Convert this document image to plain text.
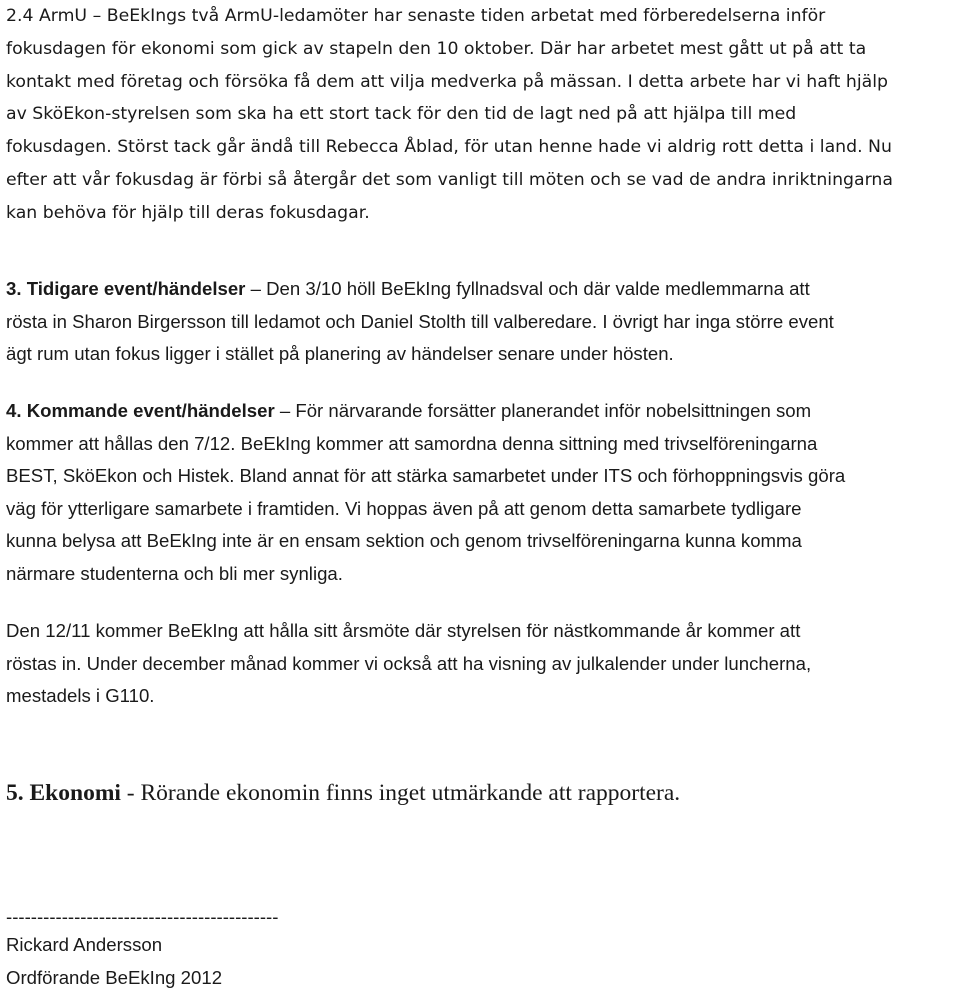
2.4 ArmU – BeEkIngs två ArmU-ledamöter har senaste tiden arbetat med förberedelserna inför
fokusdagen för ekonomi som gick av stapeln den 10 oktober. Där har arbetet mest gått ut på att ta
kontakt med företag och försöka få dem att vilja medverka på mässan. I detta arbete har vi haft hjälp
av SköEkon-styrelsen som ska ha ett stort tack för den tid de lagt ned på att hjälpa till med
fokusdagen. Störst tack går ändå till Rebecca Åblad, för utan henne hade vi aldrig rott detta i land. Nu
efter att vår fokusdag är förbi så återgår det som vanligt till möten och se vad de andra inriktningarna
kan behöva för hjälp till deras fokusdagar.
3. Tidigare event/händelser – Den 3/10 höll BeEkIng fyllnadsval och där valde medlemmarna att
rösta in Sharon Birgersson till ledamot och Daniel Stolth till valberedare. I övrigt har inga större event
ägt rum utan fokus ligger i stället på planering av händelser senare under hösten.
4. Kommande event/händelser – För närvarande forsätter planerandet inför nobelsittningen som
kommer att hållas den 7/12. BeEkIng kommer att samordna denna sittning med trivselföreningarna
BEST, SköEkon och Histek. Bland annat för att stärka samarbetet under ITS och förhoppningsvis göra
väg för ytterligare samarbete i framtiden. Vi hoppas även på att genom detta samarbete tydligare
kunna belysa att BeEkIng inte är en ensam sektion och genom trivselföreningarna kunna komma
närmare studenterna och bli mer synliga.
Den 12/11 kommer BeEkIng att hålla sitt årsmöte där styrelsen för nästkommande år kommer att
röstas in. Under december månad kommer vi också att ha visning av julkalender under luncherna,
mestadels i G110.
5. Ekonomi - Rörande ekonomin finns inget utmärkande att rapportera.
--------------------------------------------
Rickard Andersson
Ordförande BeEkIng 2012
